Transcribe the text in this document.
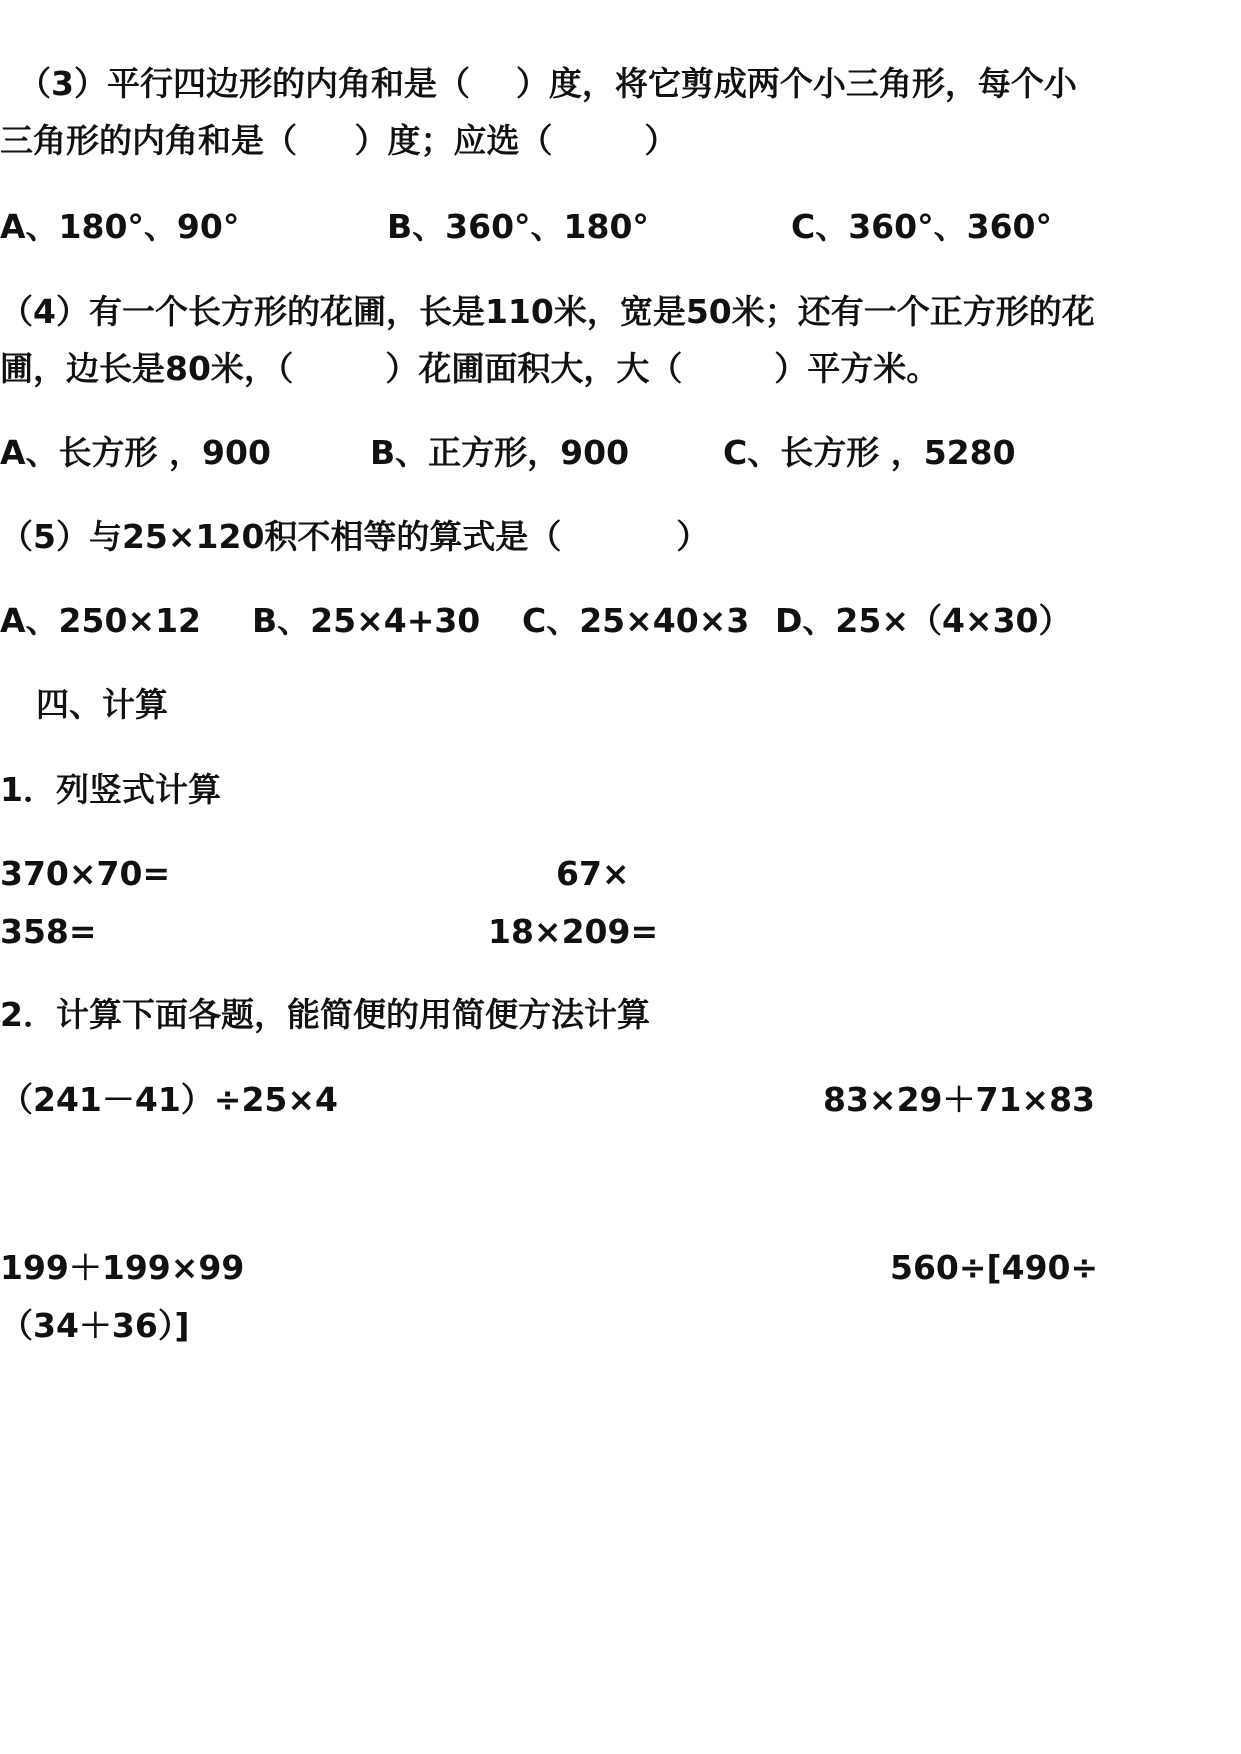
（3）平行四边形的内角和是（    ）度，将它剪成两个小三角形，每个小
三角形的内角和是（     ）度；应选（        ）
A、180°、90°	B、360°、180°	C、360°、360°
（4）有一个长方形的花圃，长是110米，宽是50米；还有一个正方形的花
圃，边长是80米，（        ）花圃面积大，大（        ）平方米。
A、长方形 ，900	B、正方形，900	C、长方形 ，5280
（5）与25×120积不相等的算式是（          ）
A、250×12 B、25×4+30 C、25×40×3 D、25×（4×30）
四、计算
1．列竖式计算
370×70=	67×
358=	18×209=
2．计算下面各题，能简便的用简便方法计算
（241－41）÷25×4	83×29＋71×83
199＋199×99	560÷[490÷
（34＋36）]
